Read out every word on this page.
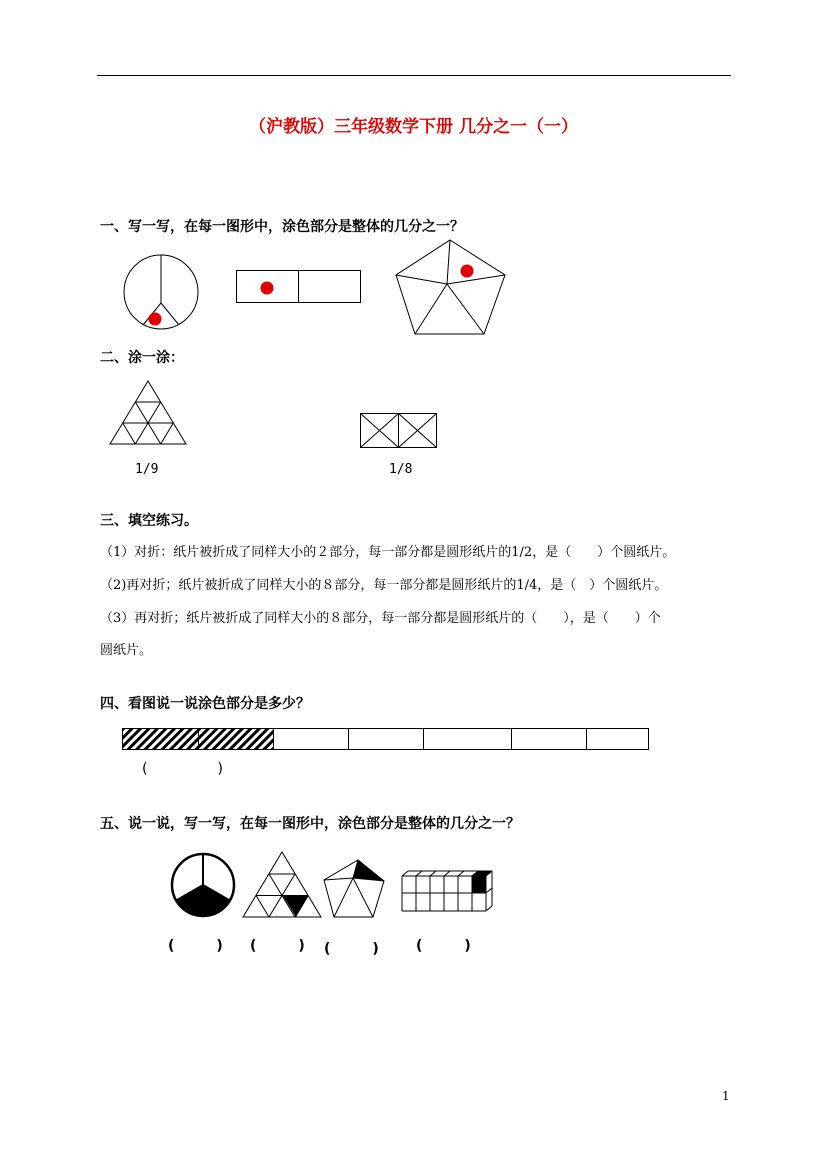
（沪教版）三年级数学下册 几分之一（一）
一、写一写，在每一图形中，涂色部分是整体的几分之一？
二、涂一涂：
1/9	1/8
三、填空练习。
（1）对折：纸片被折成了同样大小的２部分，每一部分都是圆形纸片的1/2，是（　　）个圆纸片。
（2)再对折；纸片被折成了同样大小的８部分，每一部分都是圆形纸片的1/4，是（　）个圆纸片。
（3）再对折；纸片被折成了同样大小的８部分，每一部分都是圆形纸片的（　　），是（　　）个
圆纸片。
四、看图说一说涂色部分是多少？
(　　　　　)
五、说一说，写一写，在每一图形中，涂色部分是整体的几分之一？
(　　　) (　　　) (　　　)	(　　　)
1
